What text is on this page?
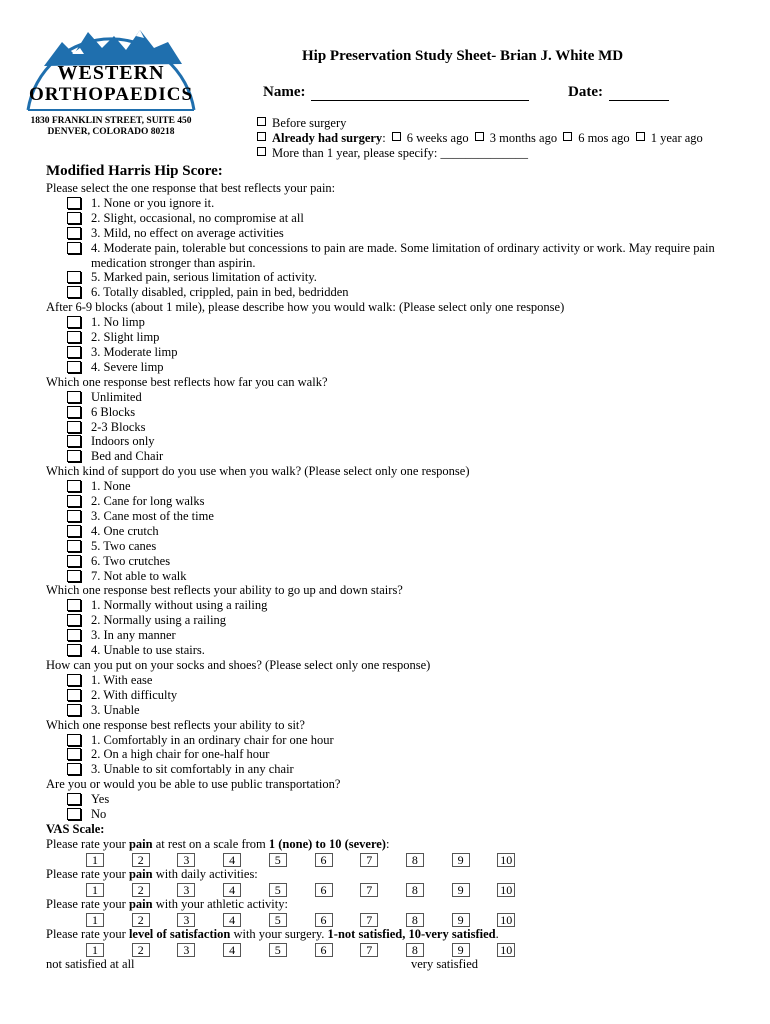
WESTERN
ORTHOPAEDICS
1830 FRANKLIN STREET, SUITE 450
DENVER, COLORADO 80218
Hip Preservation Study Sheet- Brian J. White MD
Name:	Date:
Before surgery
Already had surgery: 6 weeks ago 3 months ago 6 mos ago 1 year ago
More than 1 year, please specify: ______________
Modified Harris Hip Score:
Please select the one response that best reflects your pain:
1. None or you ignore it.
2. Slight, occasional, no compromise at all
3. Mild, no effect on average activities
4. Moderate pain, tolerable but concessions to pain are made. Some limitation of ordinary activity or work. May require pain medication stronger than aspirin.
5. Marked pain, serious limitation of activity.
6. Totally disabled, crippled, pain in bed, bedridden
After 6-9 blocks (about 1 mile), please describe how you would walk: (Please select only one response)
1. No limp
2. Slight limp
3. Moderate limp
4. Severe limp
Which one response best reflects how far you can walk?
Unlimited
6 Blocks
2-3 Blocks
Indoors only
Bed and Chair
Which kind of support do you use when you walk? (Please select only one response)
1. None
2. Cane for long walks
3. Cane most of the time
4. One crutch
5. Two canes
6. Two crutches
7. Not able to walk
Which one response best reflects your ability to go up and down stairs?
1. Normally without using a railing
2. Normally using a railing
3. In any manner
4. Unable to use stairs.
How can you put on your socks and shoes? (Please select only one response)
1. With ease
2. With difficulty
3. Unable
Which one response best reflects your ability to sit?
1. Comfortably in an ordinary chair for one hour
2. On a high chair for one-half hour
3. Unable to sit comfortably in any chair
Are you or would you be able to use public transportation?
Yes
No
VAS Scale:
Please rate your pain at rest on a scale from 1 (none) to 10 (severe):
1	2	3	4	5	6	7	8	9	10
Please rate your pain with daily activities:
1	2	3	4	5	6	7	8	9	10
Please rate your pain with your athletic activity:
1	2	3	4	5	6	7	8	9	10
Please rate your level of satisfaction with your surgery. 1-not satisfied, 10-very satisfied.
1	2	3	4	5	6	7	8	9	10
not satisfied at all	very satisfied
